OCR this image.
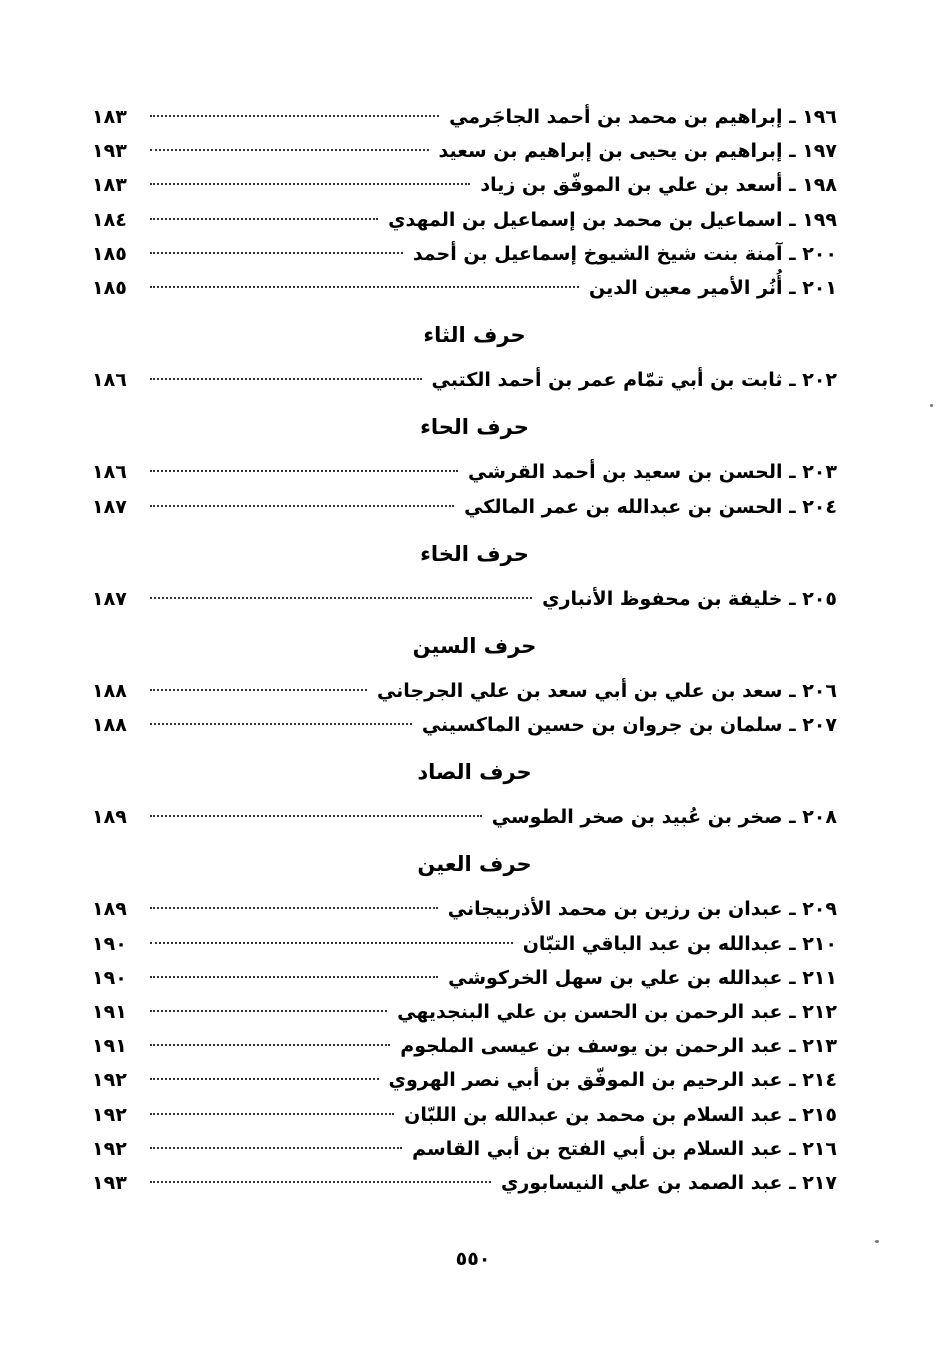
١٩٦ ـ إبراهيم بن محمد بن أحمد الجاجَرمي
١٨٣
١٩٧ ـ إبراهيم بن يحيى بن إبراهيم بن سعيد
١٩٣
١٩٨ ـ أسعد بن علي بن الموفّق بن زياد
١٨٣
١٩٩ ـ اسماعيل بن محمد بن إسماعيل بن المهدي
١٨٤
٢٠٠ ـ آمنة بنت شيخ الشيوخ إسماعيل بن أحمد
١٨٥
٢٠١ ـ أُنُر الأمير معين الدين
١٨٥
حرف الثاء
٢٠٢ ـ ثابت بن أبي تمّام عمر بن أحمد الكتبي
١٨٦
حرف الحاء
٢٠٣ ـ الحسن بن سعيد بن أحمد القرشي
١٨٦
٢٠٤ ـ الحسن بن عبدالله بن عمر المالكي
١٨٧
حرف الخاء
٢٠٥ ـ خليفة بن محفوظ الأنباري
١٨٧
حرف السين
٢٠٦ ـ سعد بن علي بن أبي سعد بن علي الجرجاني
١٨٨
٢٠٧ ـ سلمان بن جروان بن حسين الماكسيني
١٨٨
حرف الصاد
٢٠٨ ـ صخر بن عُبيد بن صخر الطوسي
١٨٩
حرف العين
٢٠٩ ـ عبدان بن رزين بن محمد الأذربيجاني
١٨٩
٢١٠ ـ عبدالله بن عبد الباقي التبّان
١٩٠
٢١١ ـ عبدالله بن علي بن سهل الخركوشي
١٩٠
٢١٢ ـ عبد الرحمن بن الحسن بن علي البنجديهي
١٩١
٢١٣ ـ عبد الرحمن بن يوسف بن عيسى الملجوم
١٩١
٢١٤ ـ عبد الرحيم بن الموفّق بن أبي نصر الهروي
١٩٢
٢١٥ ـ عبد السلام بن محمد بن عبدالله بن اللبّان
١٩٢
٢١٦ ـ عبد السلام بن أبي الفتح بن أبي القاسم
١٩٢
٢١٧ ـ عبد الصمد بن علي النيسابوري
١٩٣
٥٥٠
